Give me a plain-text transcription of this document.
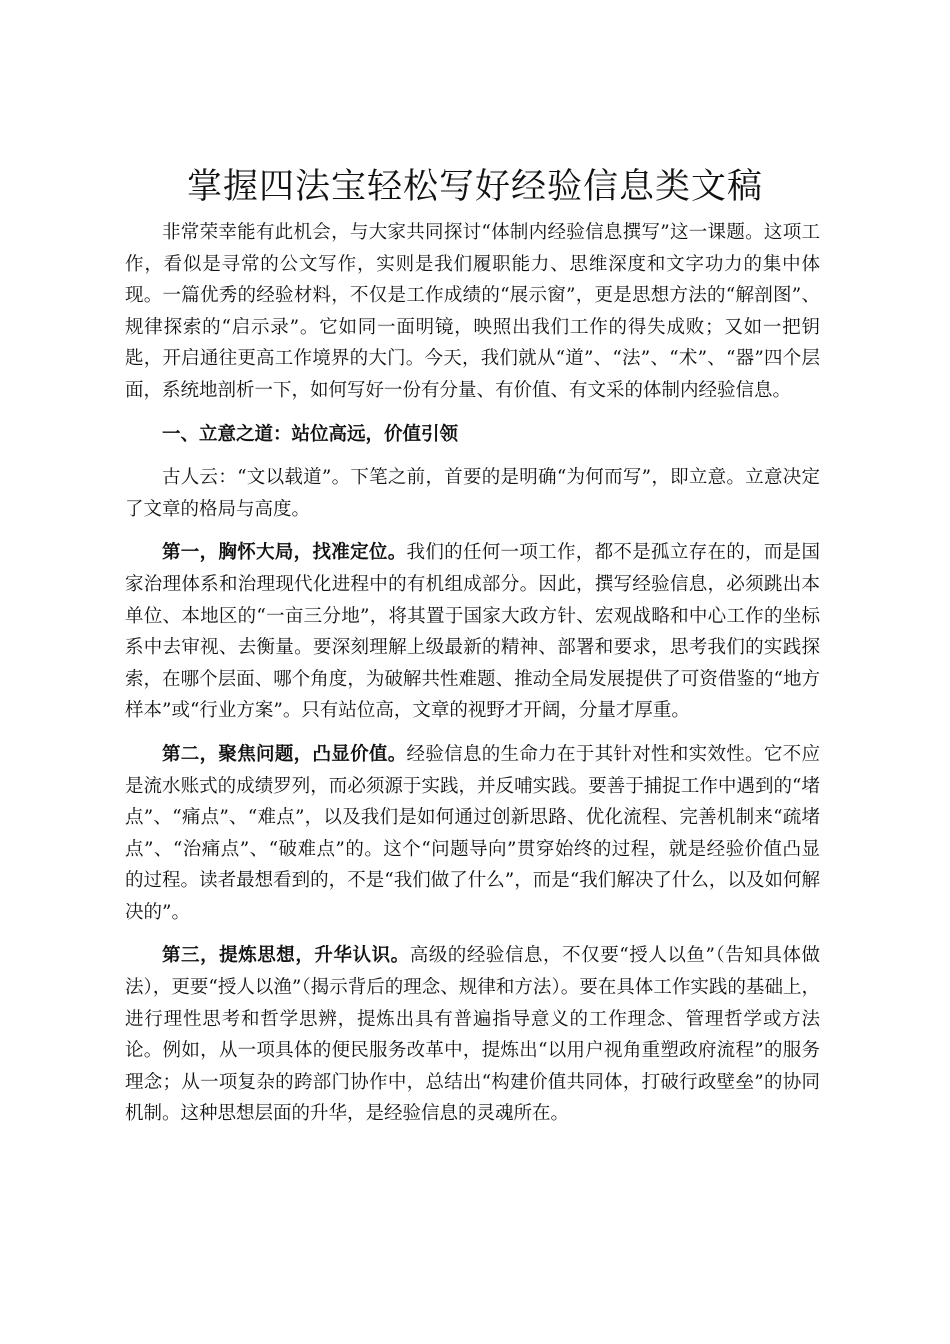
掌握四法宝轻松写好经验信息类文稿

非常荣幸能有此机会，与大家共同探讨“体制内经验信息撰写”这一课题。这项工作，看似是寻常的公文写作，实则是我们履职能力、思维深度和文字功力的集中体现。一篇优秀的经验材料，不仅是工作成绩的“展示窗”，更是思想方法的“解剖图”、规律探索的“启示录”。它如同一面明镜，映照出我们工作的得失成败；又如一把钥匙，开启通往更高工作境界的大门。今天，我们就从“道”、“法”、“术”、“器”四个层面，系统地剖析一下，如何写好一份有分量、有价值、有文采的体制内经验信息。

一、立意之道：站位高远，价值引领

古人云：“文以载道”。下笔之前，首要的是明确“为何而写”，即立意。立意决定了文章的格局与高度。

第一，胸怀大局，找准定位。我们的任何一项工作，都不是孤立存在的，而是国家治理体系和治理现代化进程中的有机组成部分。因此，撰写经验信息，必须跳出本单位、本地区的“一亩三分地”，将其置于国家大政方针、宏观战略和中心工作的坐标系中去审视、去衡量。要深刻理解上级最新的精神、部署和要求，思考我们的实践探索，在哪个层面、哪个角度，为破解共性难题、推动全局发展提供了可资借鉴的“地方样本”或“行业方案”。只有站位高，文章的视野才开阔，分量才厚重。

第二，聚焦问题，凸显价值。经验信息的生命力在于其针对性和实效性。它不应是流水账式的成绩罗列，而必须源于实践，并反哺实践。要善于捕捉工作中遇到的“堵点”、“痛点”、“难点”，以及我们是如何通过创新思路、优化流程、完善机制来“疏堵点”、“治痛点”、“破难点”的。这个“问题导向”贯穿始终的过程，就是经验价值凸显的过程。读者最想看到的，不是“我们做了什么”，而是“我们解决了什么，以及如何解决的”。

第三，提炼思想，升华认识。高级的经验信息，不仅要“授人以鱼”（告知具体做法），更要“授人以渔”（揭示背后的理念、规律和方法）。要在具体工作实践的基础上，进行理性思考和哲学思辨，提炼出具有普遍指导意义的工作理念、管理哲学或方法论。例如，从一项具体的便民服务改革中，提炼出“以用户视角重塑政府流程”的服务理念；从一项复杂的跨部门协作中，总结出“构建价值共同体，打破行政壁垒”的协同机制。这种思想层面的升华，是经验信息的灵魂所在。
